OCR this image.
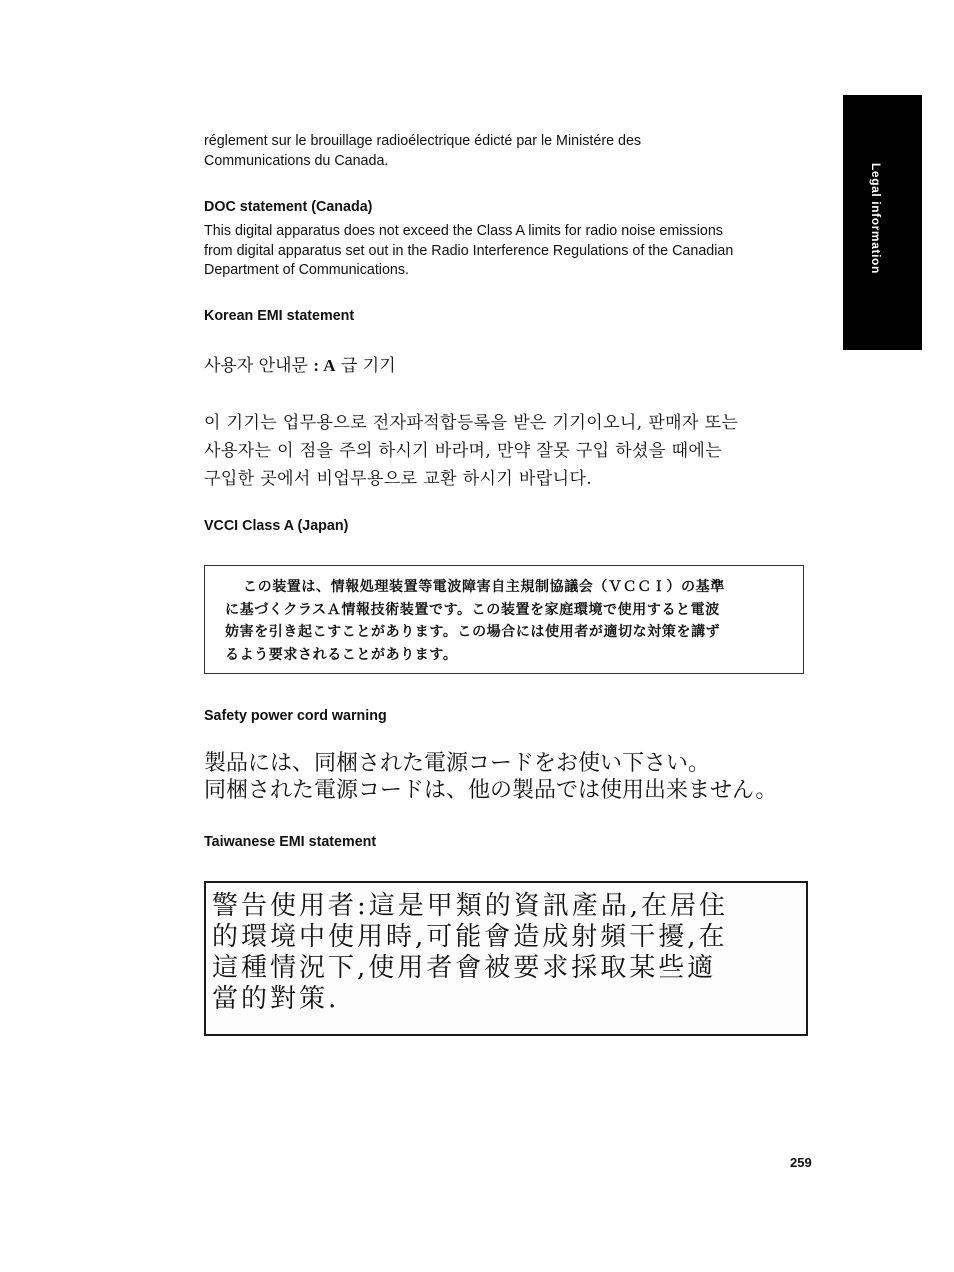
Legal information
réglement sur le brouillage radioélectrique édicté par le Ministére des
Communications du Canada.
DOC statement (Canada)
This digital apparatus does not exceed the Class A limits for radio noise emissions
from digital apparatus set out in the Radio Interference Regulations of the Canadian
Department of Communications.
Korean EMI statement
사용자 안내문 : A 급 기기
이 기기는 업무용으로 전자파적합등록을 받은 기기이오니, 판매자 또는
사용자는 이 점을 주의 하시기 바라며, 만약 잘못 구입 하셨을 때에는
구입한 곳에서 비업무용으로 교환 하시기 바랍니다.
VCCI Class A (Japan)

この装置は、情報処理装置等電波障害自主規制協議会（ＶＣＣＩ）の基準

に基づくクラスＡ情報技術装置です。この装置を家庭環境で使用すると電波

妨害を引き起こすことがあります。この場合には使用者が適切な対策を講ず

るよう要求されることがあります。

Safety power cord warning
製品には、同梱された電源コードをお使い下さい。
同梱された電源コードは、他の製品では使用出来ません。
Taiwanese EMI statement

警告使用者:這是甲類的資訊產品,在居住

的環境中使用時,可能會造成射頻干擾,在

這種情況下,使用者會被要求採取某些適

當的對策.

259
